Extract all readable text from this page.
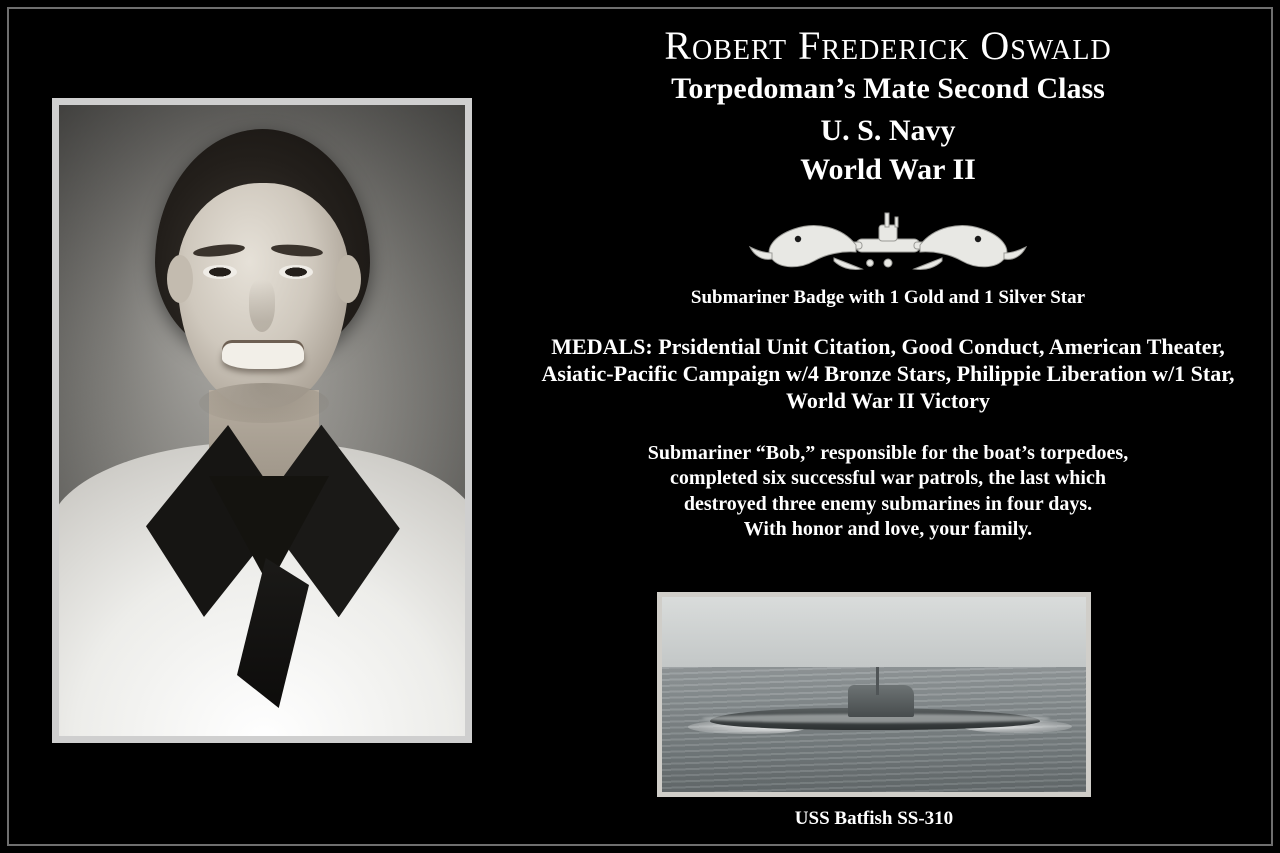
Robert Frederick Oswald
Torpedoman’s Mate Second Class
U. S. Navy
World War II
Submariner Badge with 1 Gold and 1 Silver Star
MEDALS: Prsidential Unit Citation, Good Conduct, American Theater, Asiatic-Pacific Campaign w/4 Bronze Stars, Philippie Liberation w/1 Star, World War II Victory
Submariner “Bob,” responsible for the boat’s torpedoes,
completed six successful war patrols, the last which
destroyed three enemy submarines in four days.
With honor and love, your family.
USS Batfish SS-310
